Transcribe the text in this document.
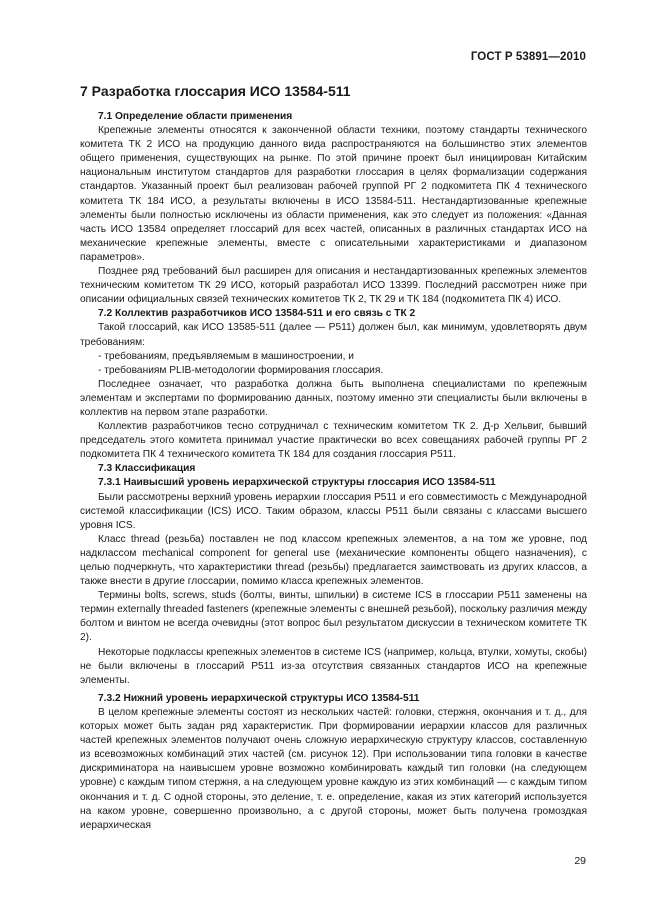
ГОСТ Р 53891—2010
7 Разработка глоссария ИСО 13584-511
7.1 Определение области применения

Крепежные элементы относятся к законченной области техники, поэтому стандарты технического комитета ТК 2 ИСО на продукцию данного вида распространяются на большинство этих элементов общего применения, существующих на рынке. По этой причине проект был инициирован Китайским национальным институтом стандартов для разработки глоссария в целях формализации содержания стандартов. Указанный проект был реализован рабочей группой РГ 2 подкомитета ПК 4 технического комитета ТК 184 ИСО, а результаты включены в ИСО 13584-511. Нестандартизованные крепежные элементы были полностью исключены из области применения, как это следует из положения: «Данная часть ИСО 13584 определяет глоссарий для всех частей, описанных в различных стандартах ИСО на механические крепежные элементы, вместе с описательными характеристиками и диапазоном параметров».

Позднее ряд требований был расширен для описания и нестандартизованных крепежных элементов техническим комитетом ТК 29 ИСО, который разработал ИСО 13399. Последний рассмотрен ниже при описании официальных связей технических комитетов ТК 2, ТК 29 и ТК 184 (подкомитета ПК 4) ИСО.

7.2 Коллектив разработчиков ИСО 13584-511 и его связь с ТК 2

Такой глоссарий, как ИСО 13585-511 (далее — Р511) должен был, как минимум, удовлетворять двум требованиям:

- требованиям, предъявляемым в машиностроении, и

- требованиям PLIB-методологии формирования глоссария.

Последнее означает, что разработка должна быть выполнена специалистами по крепежным элементам и экспертами по формированию данных, поэтому именно эти специалисты были включены в коллектив на первом этапе разработки.

Коллектив разработчиков тесно сотрудничал с техническим комитетом ТК 2. Д-р Хельвиг, бывший председатель этого комитета принимал участие практически во всех совещаниях рабочей группы РГ 2 подкомитета ПК 4 технического комитета ТК 184 для создания глоссария Р511.

7.3 Классификация
7.3.1 Наивысший уровень иерархической структуры глоссария ИСО 13584-511

Были рассмотрены верхний уровень иерархии глоссария Р511 и его совместимость с Международной системой классификации (ICS) ИСО. Таким образом, классы Р511 были связаны с классами высшего уровня ICS.

Класс thread (резьба) поставлен не под классом крепежных элементов, а на том же уровне, под надклассом mechanical component for general use (механические компоненты общего назначения), с целью подчеркнуть, что характеристики thread (резьбы) предлагается заимствовать из других классов, а также внести в другие глоссарии, помимо класса крепежных элементов.

Термины bolts, screws, studs (болты, винты, шпильки) в системе ICS в глоссарии Р511 заменены на термин externally threaded fasteners (крепежные элементы с внешней резьбой), поскольку различия между болтом и винтом не всегда очевидны (этот вопрос был результатом дискуссии в техническом комитете ТК 2).

Некоторые подклассы крепежных элементов в системе ICS (например, кольца, втулки, хомуты, скобы) не были включены в глоссарий Р511 из-за отсутствия связанных стандартов ИСО на крепежные элементы.

7.3.2 Нижний уровень иерархической структуры ИСО 13584-511

В целом крепежные элементы состоят из нескольких частей: головки, стержня, окончания и т. д., для которых может быть задан ряд характеристик. При формировании иерархии классов для различных частей крепежных элементов получают очень сложную иерархическую структуру классов, составленную из всевозможных комбинаций этих частей (см. рисунок 12). При использовании типа головки в качестве дискриминатора на наивысшем уровне возможно комбинировать каждый тип головки (на следующем уровне) с каждым типом стержня, а на следующем уровне каждую из этих комбинаций — с каждым типом окончания и т. д. С одной стороны, это деление, т. е. определение, какая из этих категорий используется на каком уровне, совершенно произвольно, а с другой стороны, может быть получена громоздкая иерархическая

29
